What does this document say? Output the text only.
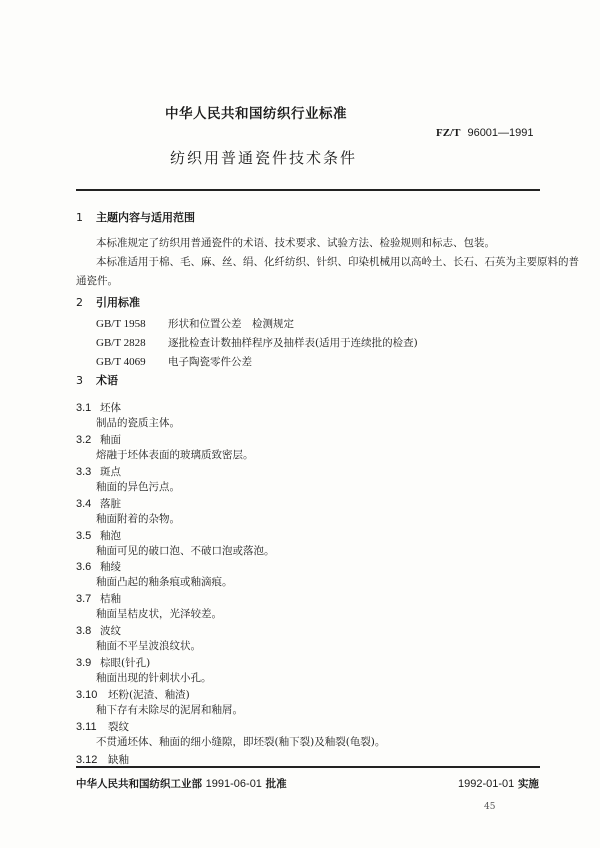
中华人民共和国纺织行业标准
FZ/T 96001—1991
纺织用普通瓷件技术条件
1 主题内容与适用范围
本标准规定了纺织用普通瓷件的术语、技术要求、试验方法、检验规则和标志、包装。
本标准适用于棉、毛、麻、丝、绢、化纤纺织、针织、印染机械用以高岭土、长石、石英为主要原料的普
通瓷件。
2 引用标准
GB/T 1958 形状和位置公差　检测规定
GB/T 2828 逐批检查计数抽样程序及抽样表(适用于连续批的检查)
GB/T 4069 电子陶瓷零件公差
3 术语
3.1 坯体
制品的瓷质主体。
3.2 釉面
熔融于坯体表面的玻璃质致密层。
3.3 斑点
釉面的异色污点。
3.4 落脏
釉面附着的杂物。
3.5 釉泡
釉面可见的破口泡、不破口泡或落泡。
3.6 釉绫
釉面凸起的釉条痕或釉滴痕。
3.7 桔釉
釉面呈桔皮状，光泽较差。
3.8 波纹
釉面不平呈波浪纹状。
3.9 棕眼(针孔)
釉面出现的针刺状小孔。
3.10 坯粉(泥渣、釉渣)
釉下存有未除尽的泥屑和釉屑。
3.11 裂纹
不贯通坯体、釉面的细小缝隙，即坯裂(釉下裂)及釉裂(龟裂)。
3.12 缺釉
中华人民共和国纺织工业部 1991-06-01 批准	1992-01-01 实施
45
